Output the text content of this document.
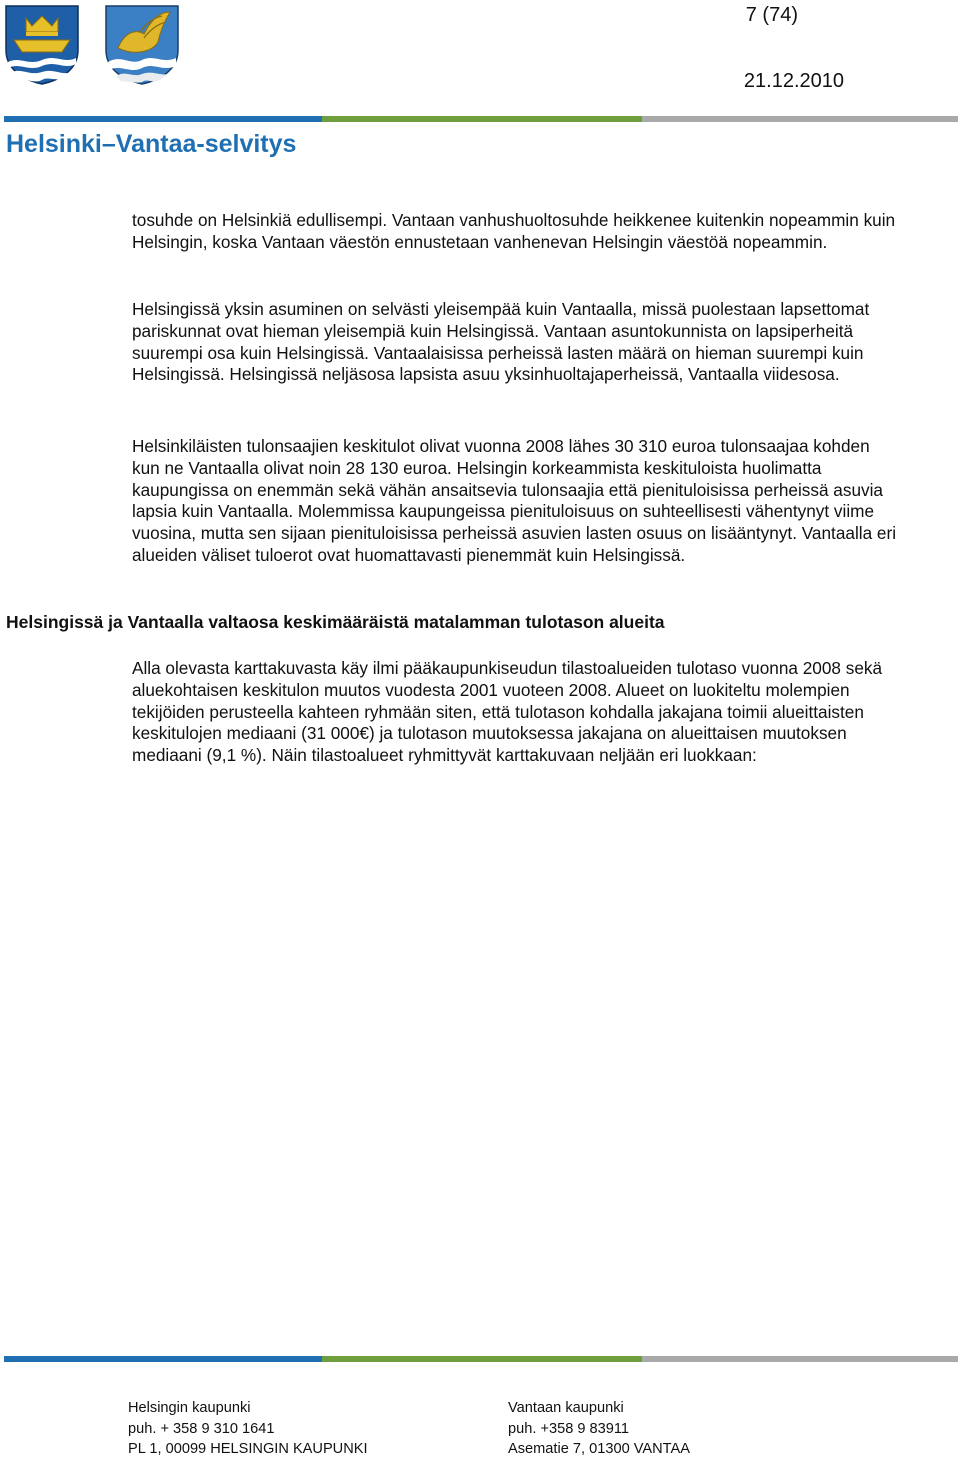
7 (74)
21.12.2010
Helsinki–Vantaa-selvitys

tosuhde on Helsinkiä edullisempi. Vantaan vanhushuoltosuhde heikkenee kuitenkin nopeammin kuin Helsingin, koska Vantaan väestön ennustetaan vanhenevan Helsingin väestöä nopeammin.

Helsingissä yksin asuminen on selvästi yleisempää kuin Vantaalla, missä puolestaan lapsettomat pariskunnat ovat hieman yleisempiä kuin Helsingissä. Vantaan asuntokunnista on lapsiperheitä suurempi osa kuin Helsingissä. Vantaalaisissa perheissä lasten määrä on hieman suurempi kuin Helsingissä. Helsingissä neljäsosa lapsista asuu yksinhuoltajaperheissä, Vantaalla viidesosa.

Helsinkiläisten tulonsaajien keskitulot olivat vuonna 2008 lähes 30 310 euroa tulonsaajaa kohden kun ne Vantaalla olivat noin 28 130 euroa. Helsingin korkeammista keskituloista huolimatta kaupungissa on enemmän sekä vähän ansaitsevia tulonsaajia että pienituloisissa perheissä asuvia lapsia kuin Vantaalla. Molemmissa kaupungeissa pienituloisuus on suhteellisesti vähentynyt viime vuosina, mutta sen sijaan pienituloisissa perheissä asuvien lasten osuus on lisääntynyt. Vantaalla eri alueiden väliset tuloerot ovat huomattavasti pienemmät kuin Helsingissä.

Helsingissä ja Vantaalla valtaosa keskimääräistä matalamman tulotason alueita

Alla olevasta karttakuvasta käy ilmi pääkaupunkiseudun tilastoalueiden tulotaso vuonna 2008 sekä aluekohtaisen keskitulon muutos vuodesta 2001 vuoteen 2008. Alueet on luokiteltu molempien tekijöiden perusteella kahteen ryhmään siten, että tulotason kohdalla jakajana toimii alueittaisten keskitulojen mediaani (31 000€) ja tulotason muutoksessa jakajana on alueittaisen muutoksen mediaani (9,1 %). Näin tilastoalueet ryhmittyvät karttakuvaan neljään eri luokkaan:

Helsingin kaupunki
puh. + 358 9 310 1641
PL 1, 00099 HELSINGIN KAUPUNKI
Vantaan kaupunki
puh. +358 9 83911
Asematie 7, 01300 VANTAA
